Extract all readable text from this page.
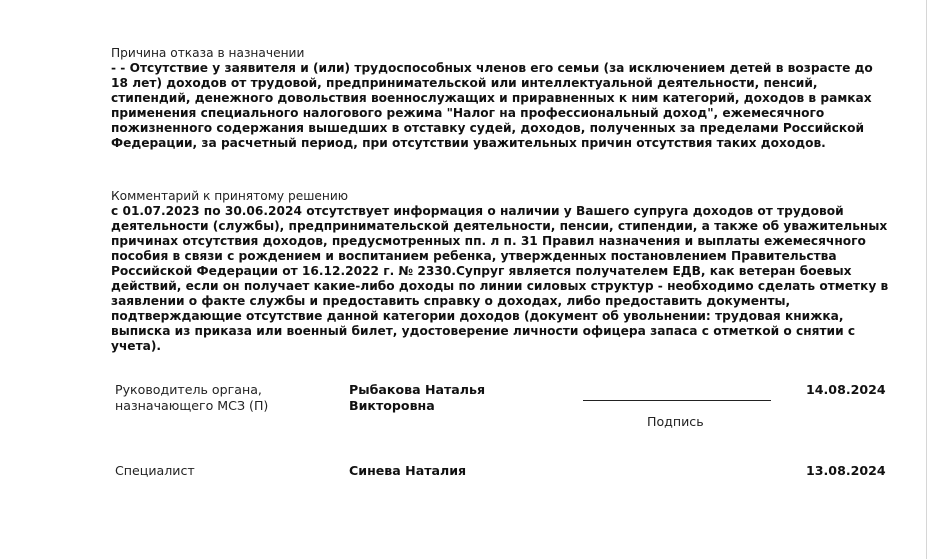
Причина отказа в назначении
- - Отсутствие у заявителя и (или) трудоспособных членов его семьи (за исключением детей в возрасте до 18 лет) доходов от трудовой, предпринимательской или интеллектуальной деятельности, пенсий, стипендий, денежного довольствия военнослужащих и приравненных к ним категорий, доходов в рамках применения специального налогового режима "Налог на профессиональный доход", ежемесячного пожизненного содержания вышедших в отставку судей, доходов, полученных за пределами Российской Федерации, за расчетный период, при отсутствии уважительных причин отсутствия таких доходов.
Комментарий к принятому решению
с 01.07.2023 по 30.06.2024 отсутствует информация о наличии у Вашего супруга доходов от трудовой деятельности (службы), предпринимательской деятельности, пенсии, стипендии, а также об уважительных причинах отсутствия доходов, предусмотренных пп. л п. 31 Правил назначения и выплаты ежемесячного пособия в связи с рождением и воспитанием ребенка, утвержденных постановлением Правительства Российской Федерации от 16.12.2022 г. № 2330.Супруг является получателем ЕДВ, как ветеран боевых действий, если он получает какие-либо доходы по линии силовых структур - необходимо сделать отметку в заявлении о факте службы и предоставить справку о доходах, либо предоставить документы, подтверждающие отсутствие данной категории доходов (документ об увольнении: трудовая книжка, выписка из приказа или военный билет, удостоверение личности офицера запаса с отметкой о снятии с учета).
Руководитель органа, назначающего МСЗ (П)
Рыбакова Наталья Викторовна
Подпись
14.08.2024
Специалист	Синева Наталия	13.08.2024
